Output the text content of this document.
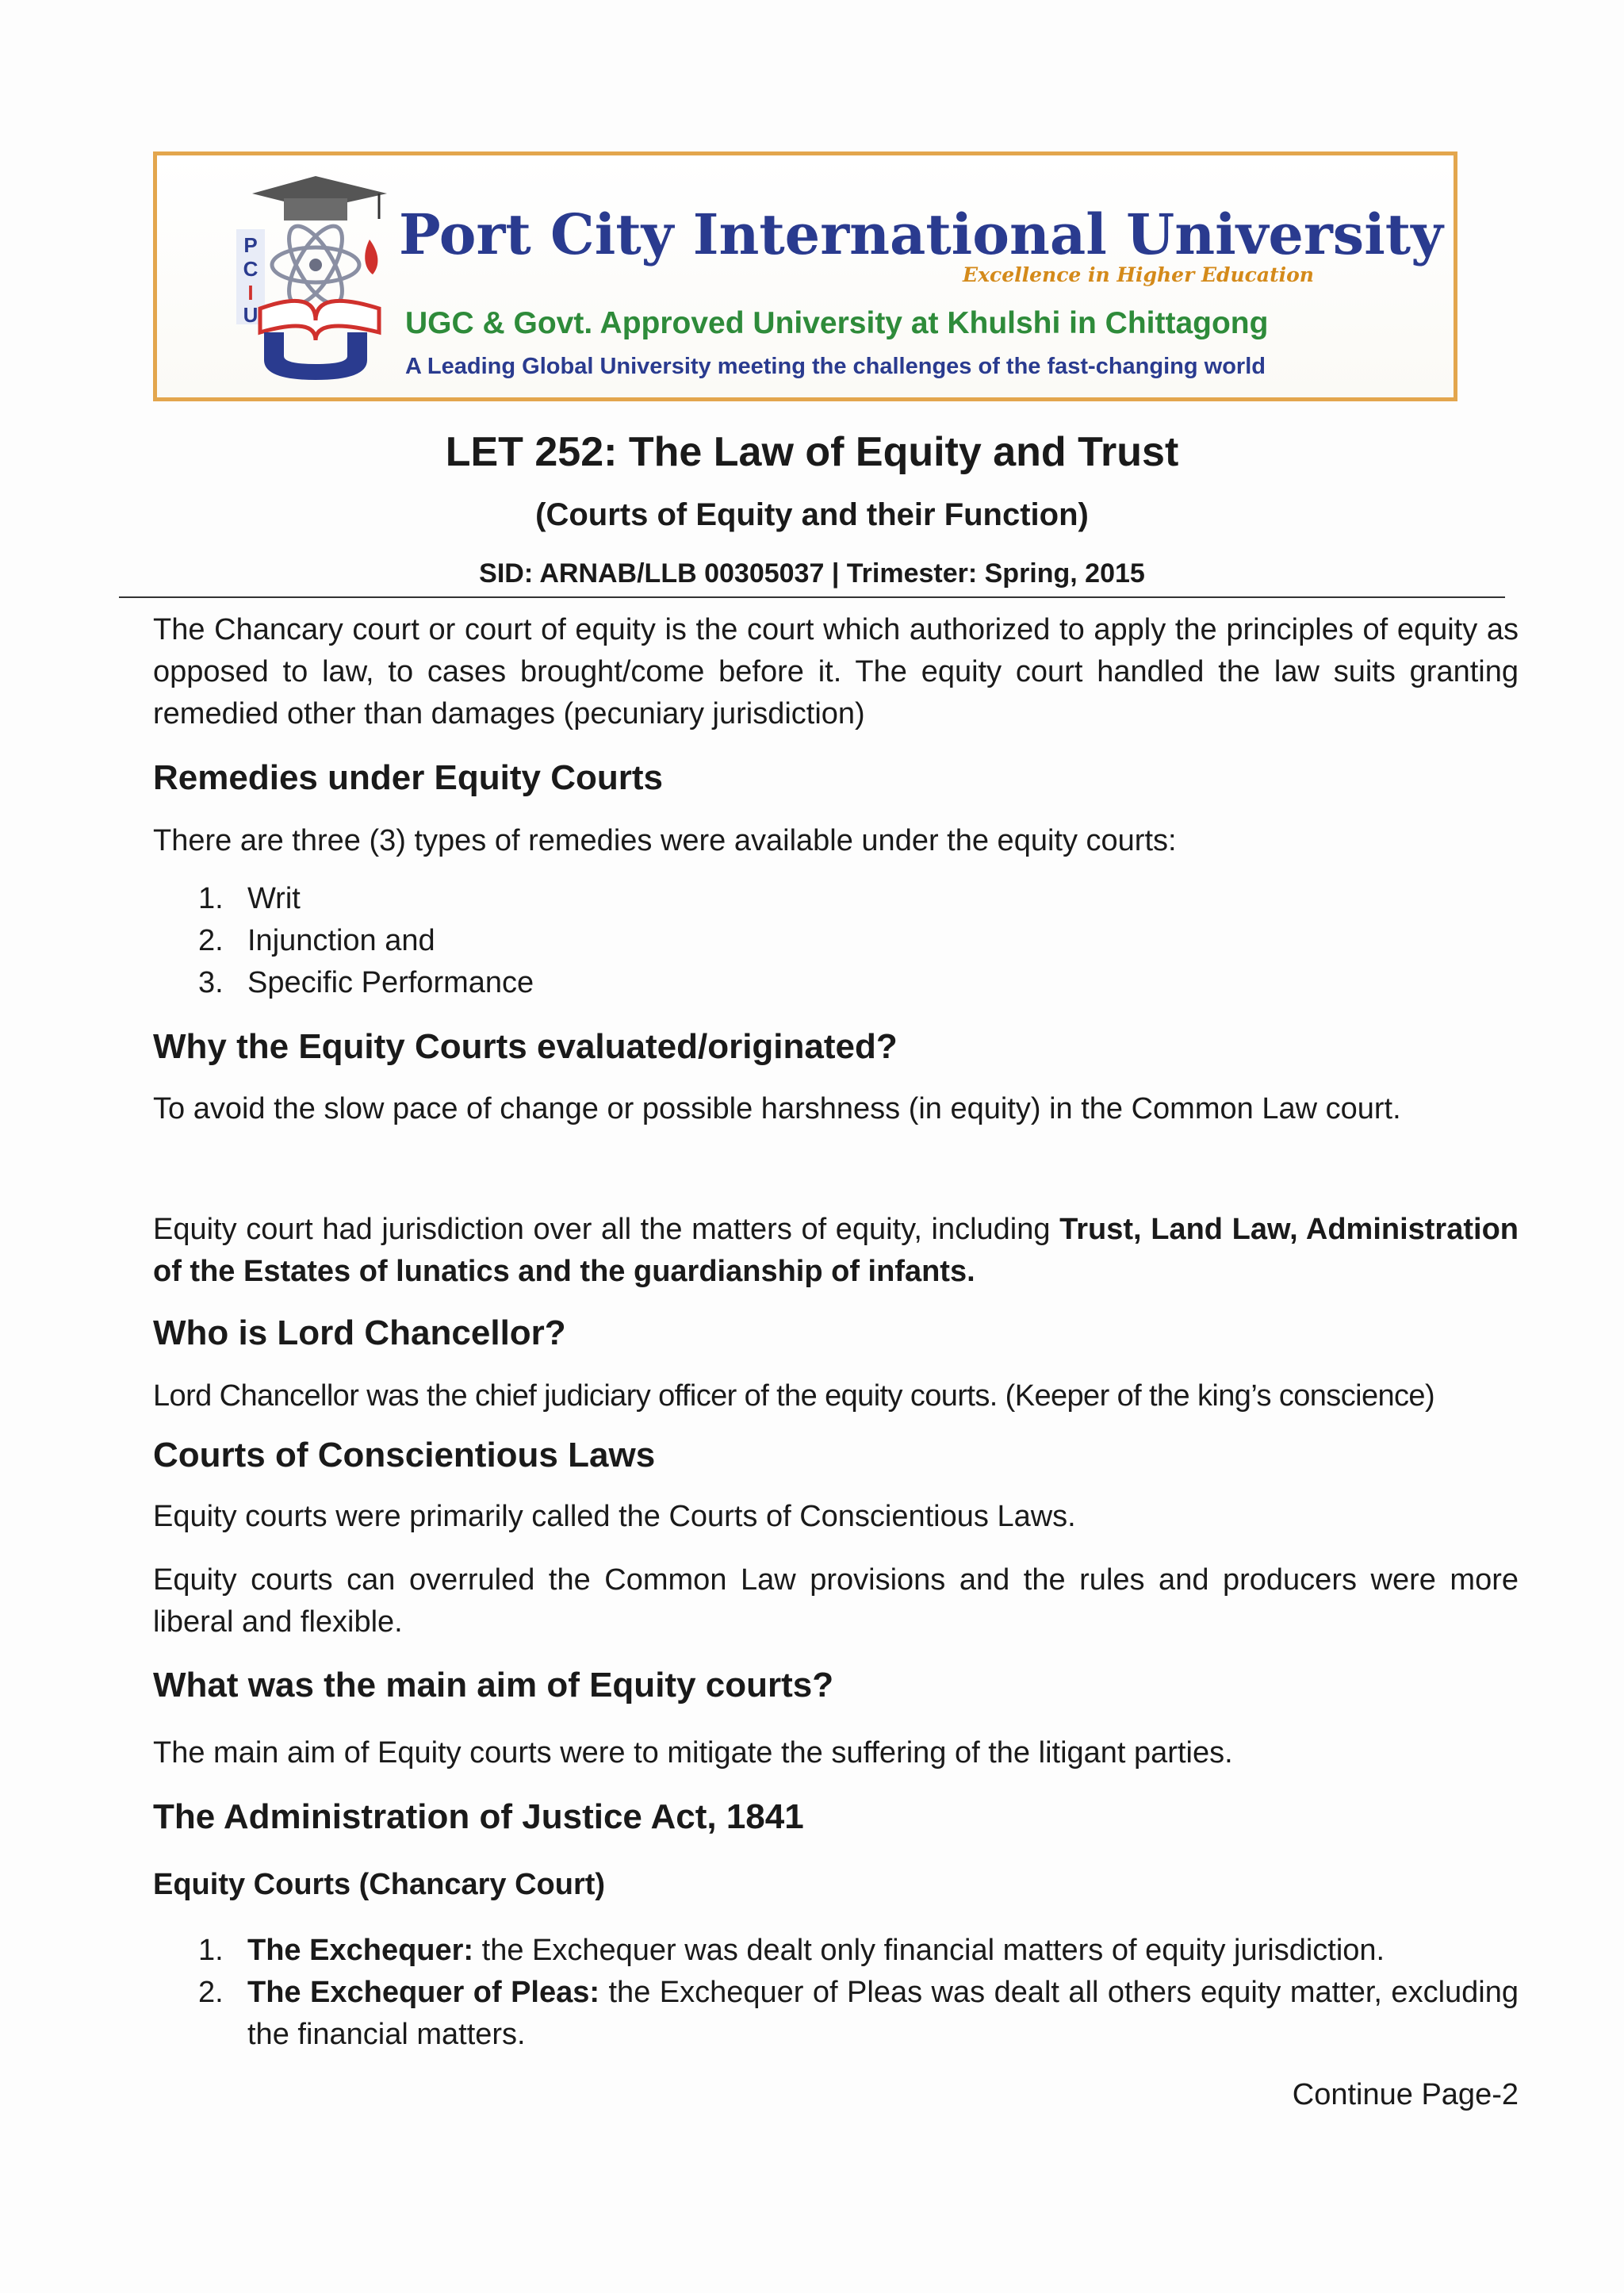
P
C
I
U
Port City International University
Excellence in Higher Education
UGC & Govt. Approved University at Khulshi in Chittagong
A Leading Global University meeting the challenges of the fast-changing world
LET 252: The Law of Equity and Trust
(Courts of Equity and their Function)
SID: ARNAB/LLB 00305037 | Trimester: Spring, 2015
The Chancary court or court of equity is the court which authorized to apply the principles of equity as opposed to law, to cases brought/come before it. The equity court handled the law suits granting remedied other than damages (pecuniary jurisdiction)
Remedies under Equity Courts
There are three (3) types of remedies were available under the equity courts:
1. Writ
2. Injunction and
3. Specific Performance
Why the Equity Courts evaluated/originated?
To avoid the slow pace of change or possible harshness (in equity) in the Common Law court.
Equity court had jurisdiction over all the matters of equity, including Trust, Land Law, Administration of the Estates of lunatics and the guardianship of infants.
Who is Lord Chancellor?
Lord Chancellor was the chief judiciary officer of the equity courts. (Keeper of the king’s conscience)
Courts of Conscientious Laws
Equity courts were primarily called the Courts of Conscientious Laws.
Equity courts can overruled the Common Law provisions and the rules and producers were more liberal and flexible.
What was the main aim of Equity courts?
The main aim of Equity courts were to mitigate the suffering of the litigant parties.
The Administration of Justice Act, 1841
Equity Courts (Chancary Court)
1. The Exchequer: the Exchequer was dealt only financial matters of equity jurisdiction.
2. The Exchequer of Pleas: the Exchequer of Pleas was dealt all others equity matter, excluding the financial matters.
Continue Page-2
